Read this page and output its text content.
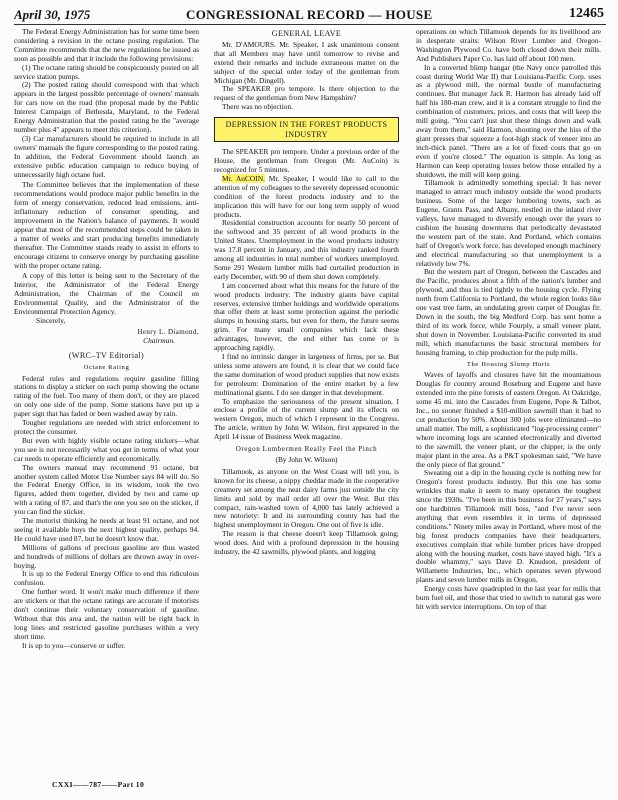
April 30, 1975	CONGRESSIONAL RECORD — HOUSE	12465

The Federal Energy Administration has for some time been considering a revision in the octane posting regulation. The Committee recommends that the new regulations be issued as soon as possible and that it include the following provisions:

(1) The octane rating should be conspicuously posted on all service station pumps.

(2) The posted rating should correspond with that which appears in the largest possible percentage of owners' manuals for cars now on the road (the proposal made by the Public Interest Campaign of Bethesda, Maryland, to the Federal Energy Administration that the posted rating be the "average number plus 4" appears to meet this criterion).

(3) Car manufacturers should be required to include in all owners' manuals the figure corresponding to the posted rating. In addition, the Federal Government should launch an extensive public education campaign to reduce buying of unnecessarily high octane fuel.

The Committee believes that the implementation of these recommendations would produce major public benefits in the form of energy conservation, reduced lead emissions, anti-inflationary reduction of consumer spending, and improvement in the Nation's balance of payments. It would appear that most of the recommended steps could be taken in a matter of weeks and start producing benefits immediately thereafter. The Committee stands ready to assist in efforts to encourage citizens to conserve energy by purchasing gasoline with the proper octane rating.

A copy of this letter is being sent to the Secretary of the Interior, the Administrator of the Federal Energy Administration, the Chairman of the Council on Environmental Quality, and the Administrator of the Environmental Protection Agency.

Sincerely,

Henry L. Diamond,

Chairman.

(WRC–TV Editorial)

Octane Rating

Federal rules and regulations require gasoline filling stations to display a sticker on each pump showing the octane rating of the fuel. Too many of them don't, or they are placed on only one side of the pump. Some stations have put up a paper sign that has faded or been washed away by rain.

Tougher regulations are needed with strict enforcement to protect the consumer.

But even with highly visible octane rating stickers—what you see is not necessarily what you get in terms of what your car needs to operate efficiently and economically.

The owners manual may recommend 91 octane, but another system called Motor Use Number says 84 will do. So the Federal Energy Office, in its wisdom, took the two figures, added them together, divided by two and came up with a rating of 87, and that's the one you see on the sticker, if you can find the sticker.

The motorist thinking he needs at least 91 octane, and not seeing it available buys the next highest quality, perhaps 94. He could have used 87, but he doesn't know that.

Millions of gallons of precious gasoline are thus wasted and hundreds of millions of dollars are thrown away in over-buying.

It is up to the Federal Energy Office to end this ridiculous confusion.

One further word. It won't make much difference if there are stickers or that the octane ratings are accurate if motorists don't continue their voluntary conservation of gasoline. Without that this area and, the nation will be right back in long lines and restricted gasoline purchases within a very short time.

It is up to you—conserve or suffer.

GENERAL LEAVE

Mr. D'AMOURS. Mr. Speaker, I ask unanimous consent that all Members may have until tomorrow to revise and extend their remarks and include extraneous matter on the subject of the special order today of the gentleman from Michigan (Mr. Dingell).

The SPEAKER pro tempore. Is there objection to the request of the gentleman from New Hampshire?

There was no objection.

DEPRESSION IN THE FOREST PRODUCTS INDUSTRY

The SPEAKER pro tempore. Under a previous order of the House, the gentleman from Oregon (Mr. AuCoin) is recognized for 5 minutes.

Mr. AuCOIN. Mr. Speaker, I would like to call to the attention of my colleagues to the severely depressed economic condition of the forest products industry and to the implication this will have for our long term supply of wood products.

Residential construction accounts for nearly 50 percent of the softwood and 35 percent of all wood products in the United States. Unemployment in the wood products industry was 17.8 percent in January, and this industry ranked fourth among all industries in total number of workers unemployed. Some 291 Western lumber mills had curtailed production in early December, with 90 of them shut down completely.

I am concerned about what this means for the future of the wood products industry. The industry giants have capital reserves, extensive timber holdings and worldwide operations that offer them at least some protection against the periodic slumps in housing starts, but even for them, the future seems grim. For many small companies which lack these advantages, however, the end either has come or is approaching rapidly.

I find no intrinsic danger in largeness of firms, per se. But unless some answers are found, it is clear that we could face the same domination of wood product supplies that now exists for petroleum: Domination of the entire market by a few multinational giants. I do see danger in that development.

To emphasize the seriousness of the present situation, I enclose a profile of the current slump and its effects on western Oregon, much of which I represent in the Congress. The article, written by John W. Wilson, first appeared in the April 14 issue of Business Week magazine.

Oregon Lumbermen Really Feel the Pinch

(By John W. Wilson)

Tillamook, as anyone on the West Coast will tell you, is known for its cheese, a nippy cheddar made in the cooperative creamery set among the neat dairy farms just outside the city limits and sold by mail order all over the West. But this compact, rain-washed town of 4,000 has lately achieved a new notoriety: It and its surrounding county has had the highest unemployment in Oregon. One out of five is idle.

The reason is that cheese doesn't keep Tillamook going; wood does. And with a profound depression in the housing industry, the 42 sawmills, plywood plants, and logging

operations on which Tillamook depends for its livelihood are in desperate straits: Wilson River Lumber and Oregon-Washington Plywood Co. have both closed down their mills. And Publishers Paper Co. has laid off about 100 men.

In a converted blimp hangar (the Navy once patrolled this coast during World War II) that Louisiana-Pacific Corp. uses as a plywood mill, the normal bustle of manufacturing continues. But manager Jack R. Harmon has already laid off half his 180-man crew, and it is a constant struggle to find the combination of customers, prices, and costs that will keep the mill going. "You can't just shut these things down and walk away from them," said Harmon, shouting over the hiss of the giant presses that squeeze a foot-high stack of veneer into an inch-thick panel. "There are a lot of fixed costs that go on even if you're closed." The equation is simple. As long as Harmon can keep operating losses below those entailed by a shutdown, the mill will keep going.

Tillamook is admittedly something special: It has never managed to attract much industry outside the wood products business. Some of the larger lumbering towns, such as Eugene, Grants Pass, and Albany, nestled in the inland river valleys, have managed to diversify enough over the years to cushion the housing downturns that periodically devastated the western part of the state. And Portland, which contains half of Oregon's work force, has developed enough machinery and electrical manufacturing so that unemployment is a relatively low 7%.

But the western part of Oregon, between the Cascades and the Pacific, produces about a fifth of the nation's lumber and plywood, and thus is tied tightly to the housing cycle. Flying north from California to Portland, the whole region looks like one vast tree farm, an undulating green carpet of Douglas fir. Down in the south, the big Medford Corp. has sent home a third of its work force, while Fourply, a small veneer plant, shut down in November. Louisiana-Pacific converted its stud mill, which manufactures the basic structural members for housing framing, to chip production for the pulp mills.

The Housing Slump Hurts

Waves of layoffs and closures have hit the mountainous Douglas fir country around Roseburg and Eugene and have extended into the pine forests of eastern Oregon. At Oakridge, some 45 mi. into the Cascades from Eugene, Pope & Talbot, Inc., no sooner finished a $10-million sawmill than it had to cut production by 50%. About 300 jobs were eliminated—no small matter. The mill, a sophisticated "log-processing center" where incoming logs are scanned electronically and diverted to the sawmill, the veneer plant, or the chipper, is the only major plant in the area. As a P&T spokesman said, "We have the only piece of flat ground."

Sweating out a dip in the housing cycle is nothing new for Oregon's forest products industry. But this one has some wrinkles that make it seem to many operators the toughest since the 1930s. "I've been in this business for 27 years," says one hardbitten Tillamook mill boss, "and I've never seen anything that even resembles it in terms of depressed conditions." Ninety miles away in Portland, where most of the big forest products companies have their headquarters, executives complain that while lumber prices have dropped along with the housing market, costs have stayed high. "It's a double whammy," says Dave D. Knudson, president of Willamette Industries, Inc., which operates seven plywood plants and seven lumber mills in Oregon.

Energy costs have quadrupled in the last year for mills that burn fuel oil, and those that tried to switch to natural gas were hit with service interruptions. On top of that

CXXI——787——Part 10
